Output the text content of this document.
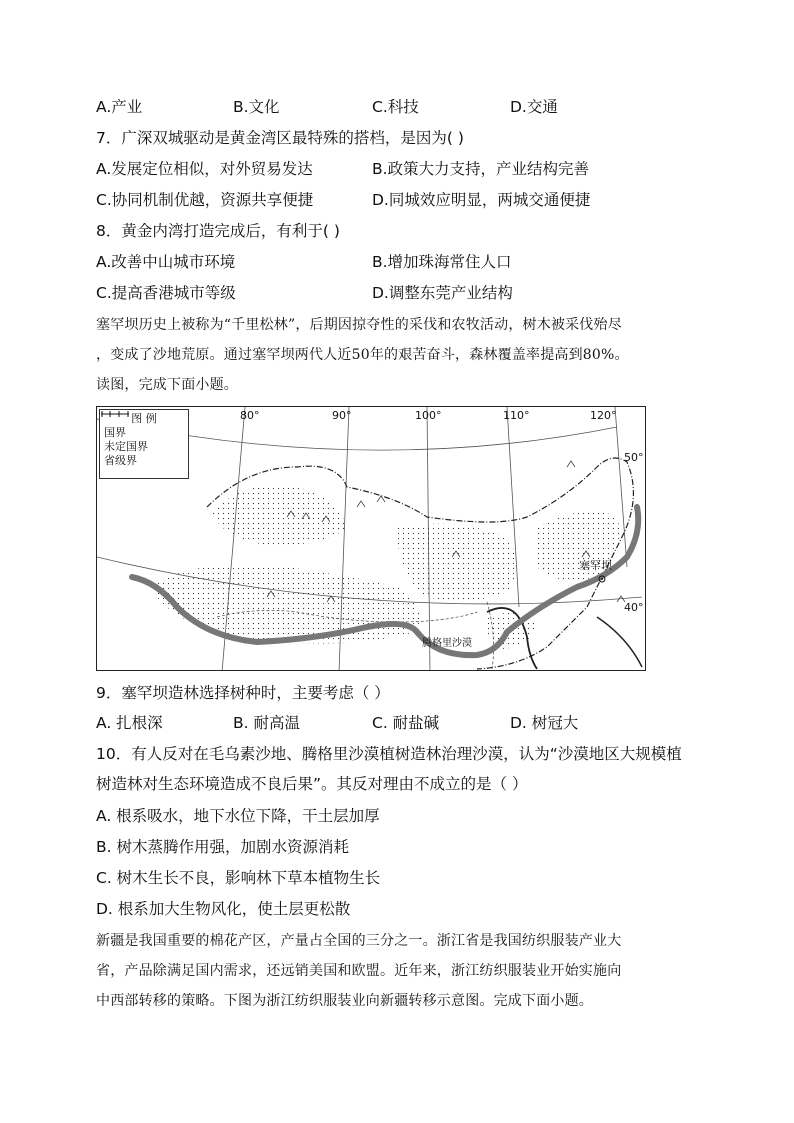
A.产业	B.文化	C.科技	D.交通
7．广深双城驱动是黄金湾区最特殊的搭档，是因为( )
A.发展定位相似，对外贸易发达	B.政策大力支持，产业结构完善
C.协同机制优越，资源共享便捷	D.同城效应明显，两城交通便捷
8．黄金内湾打造完成后，有利于( )
A.改善中山城市环境	B.增加珠海常住人口
C.提高香港城市等级	D.调整东莞产业结构
塞罕坝历史上被称为“千里松林”，后期因掠夺性的采伐和农牧活动，树木被采伐殆尽
，变成了沙地荒原。通过塞罕坝两代人近50年的艰苦奋斗，森林覆盖率提高到80%。
读图，完成下面小题。
图 例
国界
未定国界
省级界
80°	90°	100°	110°	120°
50°
40°
塞罕坝
腾格里沙漠
9．塞罕坝造林选择树种时，主要考虑（ ）
A. 扎根深	B. 耐高温	C. 耐盐碱	D. 树冠大
10．有人反对在毛乌素沙地、腾格里沙漠植树造林治理沙漠，认为“沙漠地区大规模植
树造林对生态环境造成不良后果”。其反对理由不成立的是（ ）
A. 根系吸水，地下水位下降，干土层加厚
B. 树木蒸腾作用强，加剧水资源消耗
C. 树木生长不良，影响林下草本植物生长
D. 根系加大生物风化，使土层更松散
新疆是我国重要的棉花产区，产量占全国的三分之一。浙江省是我国纺织服装产业大
省，产品除满足国内需求，还远销美国和欧盟。近年来，浙江纺织服装业开始实施向
中西部转移的策略。下图为浙江纺织服装业向新疆转移示意图。完成下面小题。
